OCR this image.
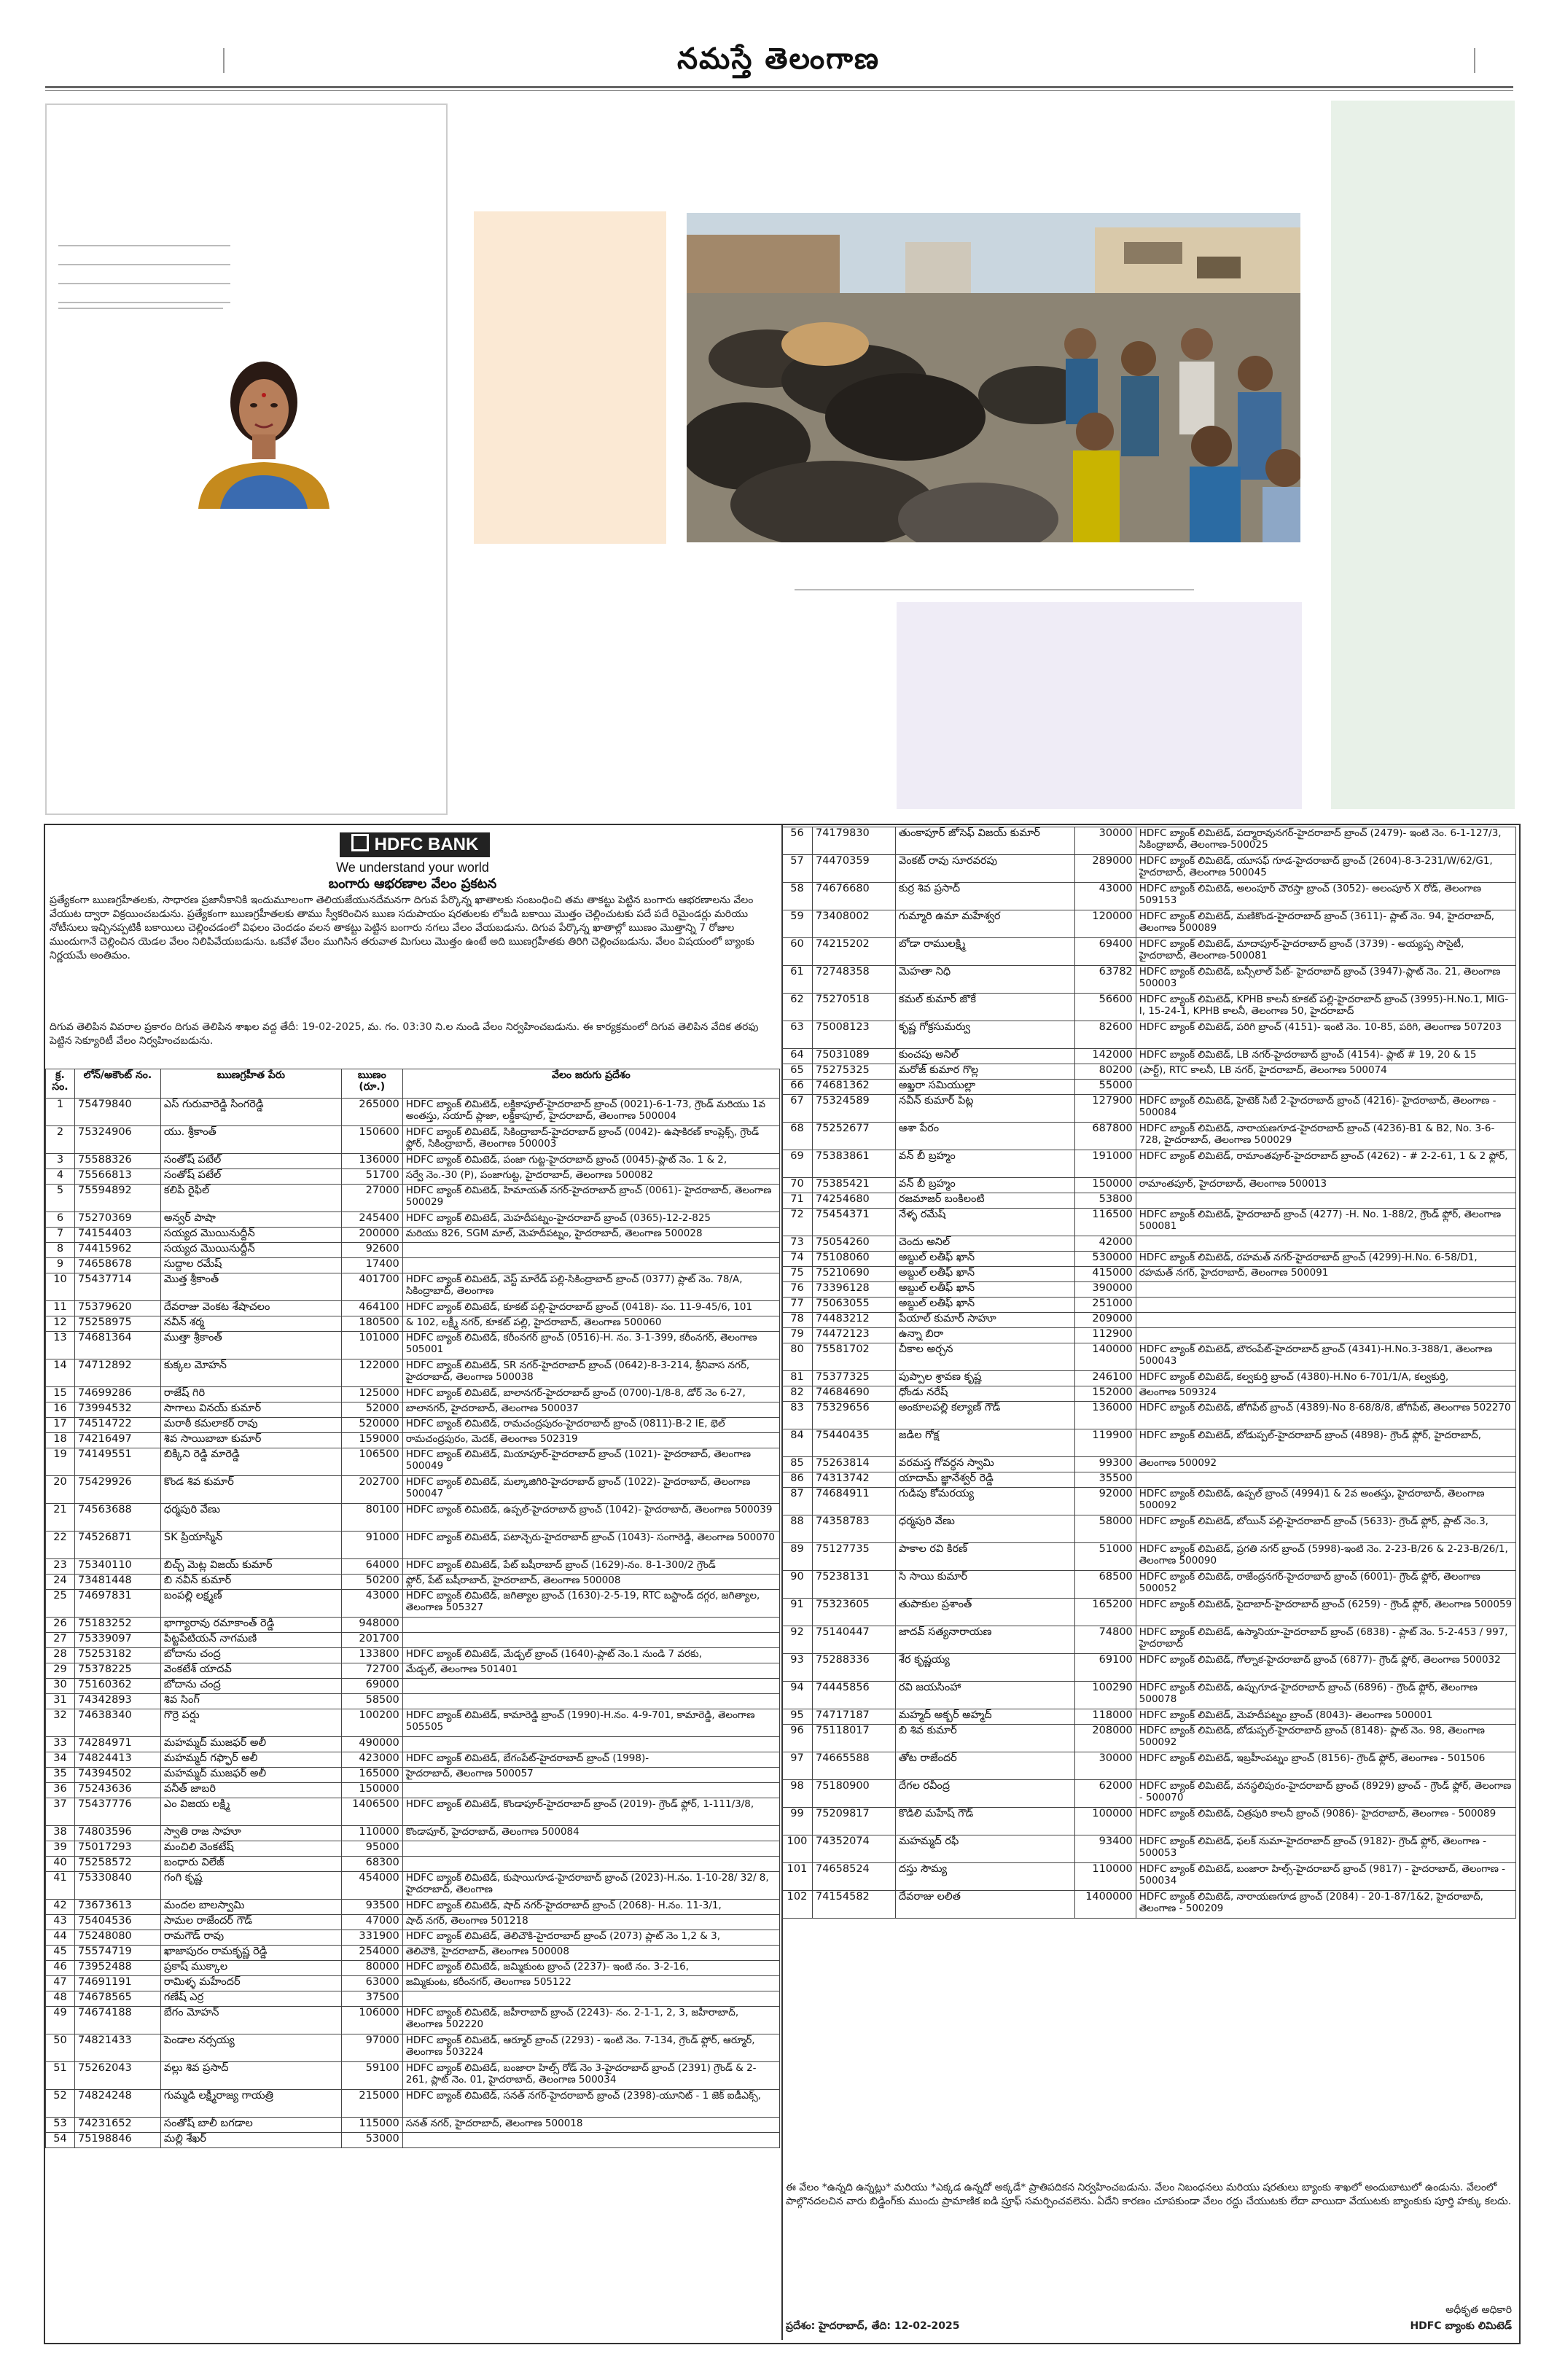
నమస్తే తెలంగాణ
HDFC BANK
We understand your world
బంగారు ఆభరణాల వేలం ప్రకటన
ప్రత్యేకంగా ఋణగ్రహీతలకు, సాధారణ ప్రజానీకానికి ఇందుమూలంగా తెలియజేయునదేమనగా దిగువ పేర్కొన్న ఖాతాలకు సంబంధించి తమ తాకట్టు పెట్టిన బంగారు ఆభరణాలను వేలం వేయుట ద్వారా విక్రయించబడును. ప్రత్యేకంగా ఋణగ్రహీతలకు తాము స్వీకరించిన ఋణ సదుపాయం షరతులకు లోబడి బకాయి మొత్తం చెల్లించుటకు పదే పదే రిమైండర్లు మరియు నోటీసులు ఇచ్చినప్పటికీ బకాయిలు చెల్లించడంలో విఫలం చెందడం వలన తాకట్టు పెట్టిన బంగారు నగలు వేలం వేయబడును. దిగువ పేర్కొన్న ఖాతాల్లో ఋణం మొత్తాన్ని 7 రోజుల ముందుగానే చెల్లించిన యెడల వేలం నిలిపివేయబడును. ఒకవేళ వేలం ముగిసిన తరువాత మిగులు మొత్తం ఉంటే అది ఋణగ్రహీతకు తిరిగి చెల్లించబడును. వేలం విషయంలో బ్యాంకు నిర్ణయమే అంతిమం.
దిగువ తెలిపిన వివరాల ప్రకారం దిగువ తెలిపిన శాఖల వద్ద తేదీ: 19-02-2025, మ. గం. 03:30 ని.ల నుండి వేలం నిర్వహించబడును. ఈ కార్యక్రమంలో దిగువ తెలిపిన వేదిక తరఫు పెట్టిన సెక్యూరిటీ వేలం నిర్వహించబడును.
క్ర. సం.	లోన్/అకౌంట్ నం.	ఋణగ్రహీత పేరు	ఋణం (రూ.)	వేలం జరుగు ప్రదేశం
1	75479840	ఎస్ గురువారెడ్డి సింగరెడ్డి	265000	HDFC బ్యాంక్ లిమిటెడ్, లక్డికాపూల్-హైదరాబాద్ బ్రాంచ్ (0021)-6-1-73, గ్రౌండ్ మరియు 1వ అంతస్తు, సయాద్ ప్లాజా, లక్డికాపూల్, హైదరాబాద్, తెలంగాణ 500004
2	75324906	యు. శ్రీకాంత్	150600	HDFC బ్యాంక్ లిమిటెడ్, సికింద్రాబాద్-హైదరాబాద్ బ్రాంచ్ (0042)- ఉషాకిరణ్ కాంప్లెక్స్, గ్రౌండ్ ఫ్లోర్, సికింద్రాబాద్, తెలంగాణ 500003
3	75588326	సంతోష్ పటేల్	136000	HDFC బ్యాంక్ లిమిటెడ్, పంజా గుట్ట-హైదరాబాద్ బ్రాంచ్ (0045)-ప్లాట్ నెం. 1 & 2,
4	75566813	సంతోష్ పటేల్	51700	సర్వే నెం.-30 (P), పంజాగుట్ట, హైదరాబాద్, తెలంగాణ 500082
5	75594892	కలిపి రైఫిల్	27000	HDFC బ్యాంక్ లిమిటెడ్, హిమాయత్ నగర్-హైదరాబాద్ బ్రాంచ్ (0061)- హైదరాబాద్, తెలంగాణ 500029
6	75270369	అన్వర్ పాషా	245400	HDFC బ్యాంక్ లిమిటెడ్, మెహదీపట్నం-హైదరాబాద్ బ్రాంచ్ (0365)-12-2-825
7	74154403	సయ్యద మొయినుద్దీన్	200000	మరియు 826, SGM మాల్, మెహదీపట్నం, హైదరాబాద్, తెలంగాణ 500028
8	74415962	సయ్యద మొయినుద్దీన్	92600	
9	74658678	సుద్దాల రమేష్	17400	
10	75437714	మొత్త శ్రీకాంత్	401700	HDFC బ్యాంక్ లిమిటెడ్, వెస్ట్ మారేడ్ పల్లి-సికింద్రాబాద్ బ్రాంచ్ (0377) ప్లాట్ నెం. 78/A, సికింద్రాబాద్, తెలంగాణ
11	75379620	దేవరాజు వెంకట శేషాచలం	464100	HDFC బ్యాంక్ లిమిటెడ్, కూకట్ పల్లి-హైదరాబాద్ బ్రాంచ్ (0418)- సం. 11-9-45/6, 101
12	75258975	నవీన్ శర్మ	180500	& 102, లక్ష్మీ నగర్, కూకట్ పల్లి, హైదరాబాద్, తెలంగాణ 500060
13	74681364	ముత్తా శ్రీకాంత్	101000	HDFC బ్యాంక్ లిమిటెడ్, కరీంనగర్ బ్రాంచ్ (0516)-H. నం. 3-1-399, కరీంనగర్, తెలంగాణ 505001
14	74712892	కుక్కల మోహన్	122000	HDFC బ్యాంక్ లిమిటెడ్, SR నగర్-హైదరాబాద్ బ్రాంచ్ (0642)-8-3-214, శ్రీనివాస నగర్, హైదరాబాద్, తెలంగాణ 500038
15	74699286	రాజేష్ గిరి	125000	HDFC బ్యాంక్ లిమిటెడ్, బాలానగర్-హైదరాబాద్ బ్రాంచ్ (0700)-1/8-8, డోర్ నెం 6-27,
16	73994532	సాగాలు వినయ్ కుమార్	52000	బాలానగర్, హైదరాబాద్, తెలంగాణ 500037
17	74514722	మరాఠీ కమలాకర్ రావు	520000	HDFC బ్యాంక్ లిమిటెడ్, రామచంద్రపురం-హైదరాబాద్ బ్రాంచ్ (0811)-B-2 IE, భెల్
18	74216497	శివ సాయిబాబా కుమార్	159000	రామచంద్రపురం, మెదక్, తెలంగాణ 502319
19	74149551	బిక్కిని రెడ్డి మారెడ్డి	106500	HDFC బ్యాంక్ లిమిటెడ్, మియాపూర్-హైదరాబాద్ బ్రాంచ్ (1021)- హైదరాబాద్, తెలంగాణ 500049
20	75429926	కొండ శివ కుమార్	202700	HDFC బ్యాంక్ లిమిటెడ్, మల్కాజిగిరి-హైదరాబాద్ బ్రాంచ్ (1022)- హైదరాబాద్, తెలంగాణ 500047
21	74563688	ధర్మపురి వేణు	80100	HDFC బ్యాంక్ లిమిటెడ్, ఉప్పల్-హైదరాబాద్ బ్రాంచ్ (1042)- హైదరాబాద్, తెలంగాణ 500039
22	74526871	SK ప్రియాస్మిన్	91000	HDFC బ్యాంక్ లిమిటెడ్, పటాన్చెరు-హైదరాబాద్ బ్రాంచ్ (1043)- సంగారెడ్డి, తెలంగాణ 500070
23	75340110	బిచ్చ్ మెట్ల విజయ్ కుమార్	64000	HDFC బ్యాంక్ లిమిటెడ్, పేట్ బషీరాబాద్ బ్రాంచ్ (1629)-నం. 8-1-300/2 గ్రౌండ్
24	73481448	బి నవీన్ కుమార్	50200	ఫ్లోర్, పేట్ బషీరాబాద్, హైదరాబాద్, తెలంగాణ 500008
25	74697831	బంపల్లి లక్ష్మణ్	43000	HDFC బ్యాంక్ లిమిటెడ్, జగిత్యాల బ్రాంచ్ (1630)-2-5-19, RTC బస్టాండ్ దగ్గర, జగిత్యాల, తెలంగాణ 505327
26	75183252	భాగ్యారావు రమాకాంత్ రెడ్డి	948000	
27	75339097	పిట్టపేటియన్ నాగమణి	201700	
28	75253182	బోదాను చంద్ర	133800	HDFC బ్యాంక్ లిమిటెడ్, మేడ్చల్ బ్రాంచ్ (1640)-ప్లాట్ నెం.1 నుండి 7 వరకు,
29	75378225	వెంకటేశ్ యాదవ్	72700	మేడ్చల్, తెలంగాణ 501401
30	75160362	బోదాను చంద్ర	69000	
31	74342893	శివ సింగ్	58500	
32	74638340	గొర్రె పర్షు	100200	HDFC బ్యాంక్ లిమిటెడ్, కామారెడ్డి బ్రాంచ్ (1990)-H.నం. 4-9-701, కామారెడ్డి, తెలంగాణ 505505
33	74284971	మహమ్మద్ ముజఫర్ అలీ	490000	
34	74824413	మహమ్మద్ గఫ్ఫార్ అలీ	423000	HDFC బ్యాంక్ లిమిటెడ్, బేగంపేట్-హైదరాబాద్ బ్రాంచ్ (1998)-
35	74394502	మహమ్మద్ ముజఫర్ అలీ	165000	హైదరాబాద్, తెలంగాణ 500057
36	75243636	వనీత్ జాబరి	150000	
37	75437776	ఎం విజయ లక్ష్మి	1406500	HDFC బ్యాంక్ లిమిటెడ్, కొండాపూర్-హైదరాబాద్ బ్రాంచ్ (2019)- గ్రౌండ్ ఫ్లోర్, 1-111/3/8,
38	74803596	స్వాతి రాజ సాహూ	110000	కొండాపూర్, హైదరాబాద్, తెలంగాణ 500084
39	75017293	మంచిలి వెంకటేష్	95000	
40	75258572	బంధారు విలేజ్	68300	
41	75330840	గంగి కృష్ణ	454000	HDFC బ్యాంక్ లిమిటెడ్, కుషాయిగూడ-హైదరాబాద్ బ్రాంచ్ (2023)-H.నం. 1-10-28/ 32/ 8, హైదరాబాద్, తెలంగాణ
42	73673613	మందల బాలస్వామి	93500	HDFC బ్యాంక్ లిమిటెడ్, షాద్ నగర్-హైదరాబాద్ బ్రాంచ్ (2068)- H.నం. 11-3/1,
43	75404536	సామల రాజేందర్ గౌడ్	47000	షాద్ నగర్, తెలంగాణ 501218
44	75248080	రామగౌడ్ రావు	331900	HDFC బ్యాంక్ లిమిటెడ్, తెలిచౌకి-హైదరాబాద్ బ్రాంచ్ (2073) ప్లాట్ నెం 1,2 & 3,
45	75574719	ఖాజాపురం రామకృష్ణ రెడ్డి	254000	తెలిచౌకి, హైదరాబాద్, తెలంగాణ 500008
46	73952488	ప్రకాష్ ముక్కాల	80000	HDFC బ్యాంక్ లిమిటెడ్, జమ్మికుంట బ్రాంచ్ (2237)- ఇంటి నం. 3-2-16,
47	74691191	రామిళ్ళ మహేందర్	63000	జమ్మికుంట, కరీంనగర్, తెలంగాణ 505122
48	74678565	గణేష్ ఎర్ర	37500	
49	74674188	బేగం మోహన్	106000	HDFC బ్యాంక్ లిమిటెడ్, జహీరాబాద్ బ్రాంచ్ (2243)- నం. 2-1-1, 2, 3, జహీరాబాద్, తెలంగాణ 502220
50	74821433	పెండాల నర్సయ్య	97000	HDFC బ్యాంక్ లిమిటెడ్, ఆర్మూర్ బ్రాంచ్ (2293) - ఇంటి నెం. 7-134, గ్రౌండ్ ఫ్లోర్, ఆర్మూర్, తెలంగాణ 503224
51	75262043	వల్లు శివ ప్రసాద్	59100	HDFC బ్యాంక్ లిమిటెడ్, బంజారా హిల్స్ రోడ్ నెం 3-హైదరాబాద్ బ్రాంచ్ (2391) గ్రౌండ్ & 2-261, ప్లాట్ నెం. 01, హైదరాబాద్, తెలంగాణ 500034
52	74824248	గుమ్మడి లక్ష్మీరాజ్య గాయత్రి	215000	HDFC బ్యాంక్ లిమిటెడ్, సనత్ నగర్-హైదరాబాద్ బ్రాంచ్ (2398)-యూనిట్ - 1 జెక్ ఐడీఎక్స్,
53	74231652	సంతోష్ బాలీ బగడాల	115000	సనత్ నగర్, హైదరాబాద్, తెలంగాణ 500018
54	75198846	మల్లి శేఖర్	53000	
56	74179830	తుంకాపూర్ జోసెఫ్ విజయ్ కుమార్	30000	HDFC బ్యాంక్ లిమిటెడ్, పద్మారావునగర్-హైదరాబాద్ బ్రాంచ్ (2479)- ఇంటి నెం. 6-1-127/3, సికింద్రాబాద్, తెలంగాణ-500025
57	74470359	వెంకట్ రావు సూరవరపు	289000	HDFC బ్యాంక్ లిమిటెడ్, యూసఫ్ గూడ-హైదరాబాద్ బ్రాంచ్ (2604)-8-3-231/W/62/G1, హైదరాబాద్, తెలంగాణ 500045
58	74676680	కుర్ర శివ ప్రసాద్	43000	HDFC బ్యాంక్ లిమిటెడ్, అలంపూర్ చౌరస్తా బ్రాంచ్ (3052)- అలంపూర్ X రోడ్, తెలంగాణ 509153
59	73408002	గుమ్మారి ఉమా మహేశ్వర	120000	HDFC బ్యాంక్ లిమిటెడ్, మణికొండ-హైదరాబాద్ బ్రాంచ్ (3611)- ప్లాట్ నెం. 94, హైదరాబాద్, తెలంగాణ 500089
60	74215202	బోడా రాములక్ష్మి	69400	HDFC బ్యాంక్ లిమిటెడ్, మాదాపూర్-హైదరాబాద్ బ్రాంచ్ (3739) - అయ్యప్ప సొసైటీ, హైదరాబాద్, తెలంగాణ-500081
61	72748358	మెహతా నిధి	63782	HDFC బ్యాంక్ లిమిటెడ్, బన్సీలాల్ పేట్- హైదరాబాద్ బ్రాంచ్ (3947)-ప్లాట్ నెం. 21, తెలంగాణ 500003
62	75270518	కమల్ కుమార్ జొకే	56600	HDFC బ్యాంక్ లిమిటెడ్, KPHB కాలనీ కూకట్ పల్లి-హైదరాబాద్ బ్రాంచ్ (3995)-H.No.1, MIG-I, 15-24-1, KPHB కాలనీ, తెలంగాణ 50, హైదరాబాద్
63	75008123	కృష్ణ గోక్రసుమర్వు	82600	HDFC బ్యాంక్ లిమిటెడ్, పరిగి బ్రాంచ్ (4151)- ఇంటి నెం. 10-85, పరిగి, తెలంగాణ 507203
64	75031089	కుంచపు అనిల్	142000	HDFC బ్యాంక్ లిమిటెడ్, LB నగర్-హైదరాబాద్ బ్రాంచ్ (4154)- ప్లాట్ # 19, 20 & 15
65	75275325	మరోజ్ కుమార గొల్ల	80200	(పార్ట్), RTC కాలనీ, LB నగర్, హైదరాబాద్, తెలంగాణ 500074
66	74681362	అఖ్తరా సమియుల్లా	55000	
67	75324589	నవీన్ కుమార్ పిట్ల	127900	HDFC బ్యాంక్ లిమిటెడ్, హైటెక్ సిటీ 2-హైదరాబాద్ బ్రాంచ్ (4216)- హైదరాబాద్, తెలంగాణ - 500084
68	75252677	ఆశా పేరం	687800	HDFC బ్యాంక్ లిమిటెడ్, నారాయణగూడ-హైదరాబాద్ బ్రాంచ్ (4236)-B1 & B2, No. 3-6-728, హైదరాబాద్, తెలంగాణ 500029
69	75383861	వన్ బీ బ్రహ్మం	191000	HDFC బ్యాంక్ లిమిటెడ్, రామాంతపూర్-హైదరాబాద్ బ్రాంచ్ (4262) - # 2-2-61, 1 & 2 ఫ్లోర్,
70	75385421	వన్ బీ బ్రహ్మం	150000	రామాంతపూర్, హైదరాబాద్, తెలంగాణ 500013
71	74254680	రజమాజర్ బంకిలంటి	53800	
72	75454371	నేళ్ళ రమేష్	116500	HDFC బ్యాంక్ లిమిటెడ్, హైదరాబాద్ బ్రాంచ్ (4277) -H. No. 1-88/2, గ్రౌండ్ ఫ్లోర్, తెలంగాణ 500081
73	75054260	చెందు అనిల్	42000	
74	75108060	అబ్దుల్ లతీఫ్ ఖాన్	530000	HDFC బ్యాంక్ లిమిటెడ్, రహమత్ నగర్-హైదరాబాద్ బ్రాంచ్ (4299)-H.No. 6-58/D1,
75	75210690	అబ్దుల్ లతీఫ్ ఖాన్	415000	రహమత్ నగర్, హైదరాబాద్, తెలంగాణ 500091
76	73396128	అబ్దుల్ లతీఫ్ ఖాన్	390000	
77	75063055	అబ్దుల్ లతీఫ్ ఖాన్	251000	
78	74483212	పేయాల్ కుమార్ సాహూ	209000	
79	74472123	ఉన్నా బిరా	112900	
80	75581702	చీకాల అర్చన	140000	HDFC బ్యాంక్ లిమిటెడ్, బౌరంపేట్-హైదరాబాద్ బ్రాంచ్ (4341)-H.No.3-388/1, తెలంగాణ 500043
81	75377325	పుప్పాల శ్రావణ కృష్ణ	246100	HDFC బ్యాంక్ లిమిటెడ్, కల్వకుర్తి బ్రాంచ్ (4380)-H.No 6-701/1/A, కల్వకుర్తి,
82	74684690	ధోండు నరేష్	152000	తెలంగాణ 509324
83	75329656	అంకూలపల్లి కల్యాణ్ గౌడ్	136000	HDFC బ్యాంక్ లిమిటెడ్, జోగిపేట్ బ్రాంచ్ (4389)-No 8-68/8/8, జోగిపేట్, తెలంగాణ 502270
84	75440435	జడిల గోక్ష	119900	HDFC బ్యాంక్ లిమిటెడ్, బోడుప్పల్-హైదరాబాద్ బ్రాంచ్ (4898)- గ్రౌండ్ ఫ్లోర్, హైదరాబాద్,
85	75263814	వరమస్త గోవర్ధన స్వామి	99300	తెలంగాణ 500092
86	74313742	యాదామ్ జ్ఞానేశ్వర్ రెడ్డి	35500	
87	74684911	గుడిపు కోమరయ్య	92000	HDFC బ్యాంక్ లిమిటెడ్, ఉప్పల్ బ్రాంచ్ (4994)1 & 2వ అంతస్తు, హైదరాబాద్, తెలంగాణ 500092
88	74358783	ధర్మపురి వేణు	58000	HDFC బ్యాంక్ లిమిటెడ్, బోయిన్ పల్లి-హైదరాబాద్ బ్రాంచ్ (5633)- గ్రౌండ్ ఫ్లోర్, ప్లాట్ నెం.3,
89	75127735	పాకాల రవి కిరణ్	51000	HDFC బ్యాంక్ లిమిటెడ్, ప్రగతి నగర్ బ్రాంచ్ (5998)-ఇంటి నెం. 2-23-B/26 & 2-23-B/26/1, తెలంగాణ 500090
90	75238131	సి సాయి కుమార్	68500	HDFC బ్యాంక్ లిమిటెడ్, రాజేంద్రనగర్-హైదరాబాద్ బ్రాంచ్ (6001)- గ్రౌండ్ ఫ్లోర్, తెలంగాణ 500052
91	75323605	తుపాకుల ప్రశాంత్	165200	HDFC బ్యాంక్ లిమిటెడ్, సైదాబాద్-హైదరాబాద్ బ్రాంచ్ (6259) - గ్రౌండ్ ఫ్లోర్, తెలంగాణ 500059
92	75140447	జాదవ్ సత్యనారాయణ	74800	HDFC బ్యాంక్ లిమిటెడ్, ఉస్మానియా-హైదరాబాద్ బ్రాంచ్ (6838) - ప్లాట్ నెం. 5-2-453 / 997, హైదరాబాద్
93	75288336	శేర కృష్ణయ్య	69100	HDFC బ్యాంక్ లిమిటెడ్, గోల్నాక-హైదరాబాద్ బ్రాంచ్ (6877)- గ్రౌండ్ ఫ్లోర్, తెలంగాణ 500032
94	74445856	రవి జయసింహా	100290	HDFC బ్యాంక్ లిమిటెడ్, ఉప్పుగూడ-హైదరాబాద్ బ్రాంచ్ (6896) - గ్రౌండ్ ఫ్లోర్, తెలంగాణ 500078
95	74717187	మహ్మద్ అక్బర్ అహ్మద్	118000	HDFC బ్యాంక్ లిమిటెడ్, మెహదీపట్నం బ్రాంచ్ (8043)- తెలంగాణ 500001
96	75118017	బి శివ కుమార్	208000	HDFC బ్యాంక్ లిమిటెడ్, బోడుప్పల్-హైదరాబాద్ బ్రాంచ్ (8148)- ప్లాట్ నెం. 98, తెలంగాణ 500092
97	74665588	తోట రాజేందర్	30000	HDFC బ్యాంక్ లిమిటెడ్, ఇబ్రహీంపట్నం బ్రాంచ్ (8156)- గ్రౌండ్ ఫ్లోర్, తెలంగాణ - 501506
98	75180900	దేగల రవీంద్ర	62000	HDFC బ్యాంక్ లిమిటెడ్, వనస్థలిపురం-హైదరాబాద్ బ్రాంచ్ (8929) బ్రాంచ్ - గ్రౌండ్ ఫ్లోర్, తెలంగాణ - 500070
99	75209817	కొడిలి మహేష్ గౌడ్	100000	HDFC బ్యాంక్ లిమిటెడ్, చిత్రపురి కాలనీ బ్రాంచ్ (9086)- హైదరాబాద్, తెలంగాణ - 500089
100	74352074	మహమ్మద్ రఫీ	93400	HDFC బ్యాంక్ లిమిటెడ్, ఫలక్ నుమా-హైదరాబాద్ బ్రాంచ్ (9182)- గ్రౌండ్ ఫ్లోర్, తెలంగాణ - 500053
101	74658524	దస్తు సౌమ్య	110000	HDFC బ్యాంక్ లిమిటెడ్, బంజారా హిల్స్-హైదరాబాద్ బ్రాంచ్ (9817) - హైదరాబాద్, తెలంగాణ - 500034
102	74154582	దేవరాజు లలిత	1400000	HDFC బ్యాంక్ లిమిటెడ్, నారాయణగూడ బ్రాంచ్ (2084) - 20-1-87/1&2, హైదరాబాద్, తెలంగాణ - 500209
ఈ వేలం *ఉన్నది ఉన్నట్లు* మరియు *ఎక్కడ ఉన్నదో అక్కడే* ప్రాతిపదికన నిర్వహించబడును. వేలం నిబంధనలు మరియు షరతులు బ్యాంకు శాఖలో అందుబాటులో ఉండును. వేలంలో పాల్గొనదలచిన వారు బిడ్డింగ్‌కు ముందు ప్రామాణిక ఐడి ప్రూఫ్ సమర్పించవలెను. ఏదేని కారణం చూపకుండా వేలం రద్దు చేయుటకు లేదా వాయిదా వేయుటకు బ్యాంకుకు పూర్తి హక్కు కలదు.
ప్రదేశం: హైదరాబాద్, తేది: 12-02-2025
అధీకృత అధికారి
HDFC బ్యాంకు లిమిటెడ్
